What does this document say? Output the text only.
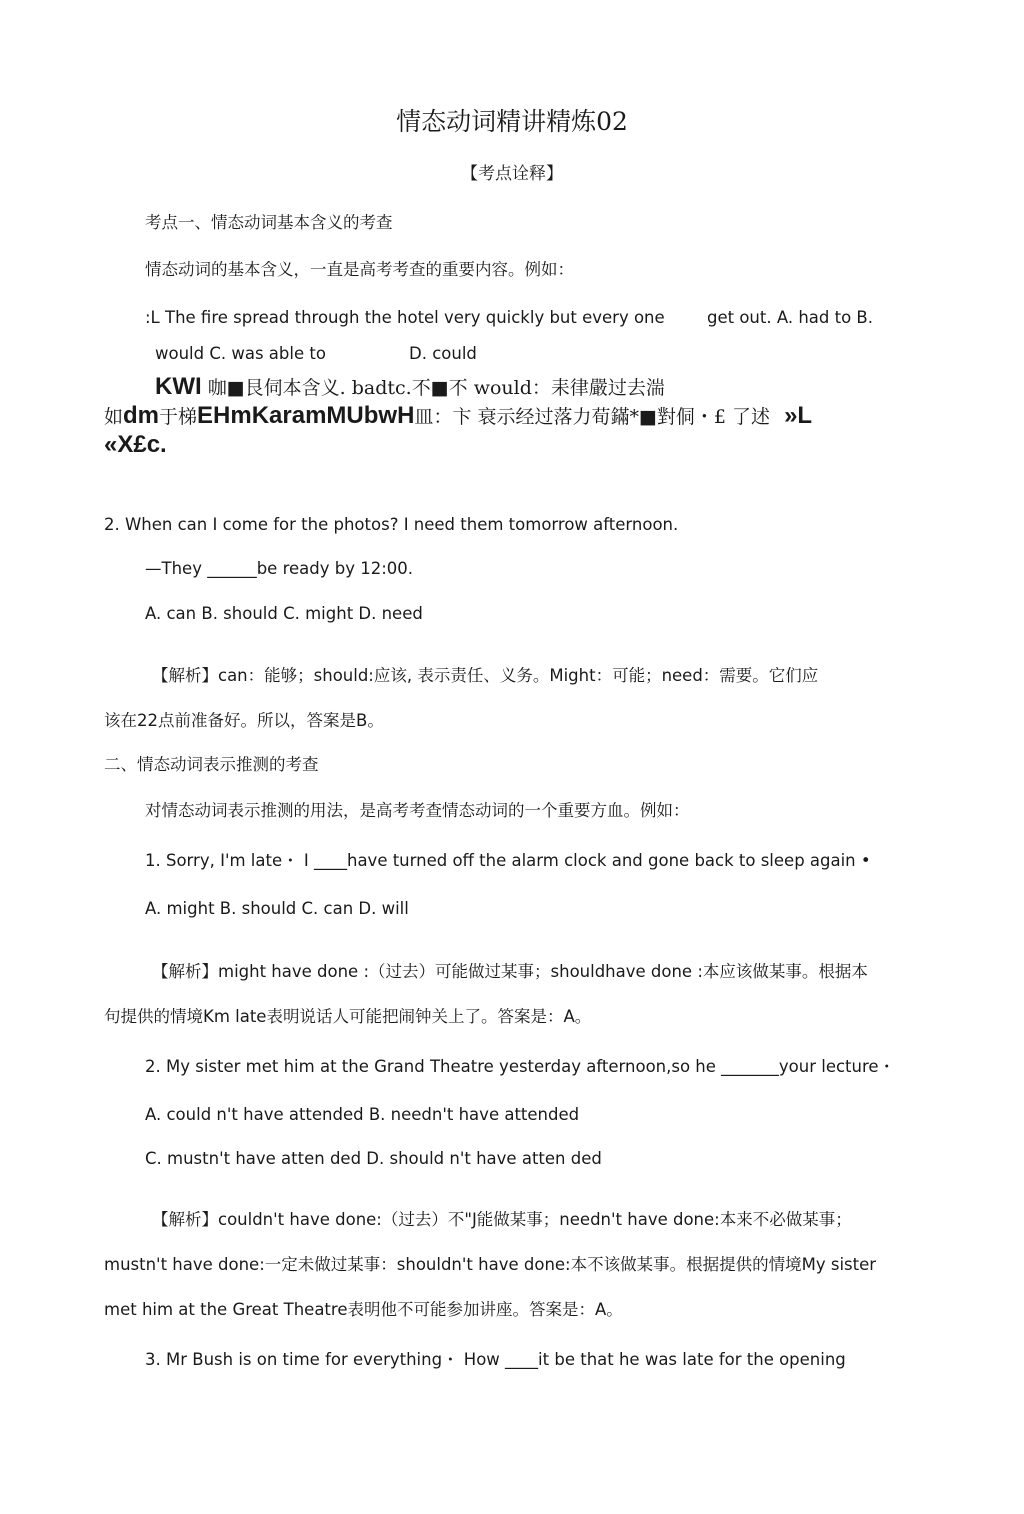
情态动词精讲精炼02
【考点诠释】
考点一、情态动词基本含义的考查
情态动词的基本含义，一直是高考考查的重要内容。例如：
:L The fire spread through the hotel very quickly but every one	get out. A. had to B.
would C. was able to	D. could
KWI 咖■艮伺本含义. badtc.不■不 would：耒律嚴过去湍
如dm于梯EHmKaramMUbwH皿：卞 衰示经过落力荀鏋*■對侗・£ 了述 »L
«X£c.
2. When can I come for the photos? I need them tomorrow afternoon.
—They ______be ready by 12:00.
A. can B. should C. might D. need
【解析】can：能够；should:应该, 表示责任、义务。Might：可能；need：需要。它们应
该在22点前准备好。所以，答案是B。
二、情态动词表示推测的考查
对情态动词表示推测的用法，是高考考查情态动词的一个重要方血。例如：
1. Sorry, I'm late・ I ____have turned off the alarm clock and gone back to sleep again •
A. might B. should C. can D. will
【解析】might have done :（过去）可能做过某事；shouldhave done :本应该做某事。根据本
句提供的情境Km late表明说话人可能把闹钟关上了。答案是：A。
2. My sister met him at the Grand Theatre yesterday afternoon,so he _______your lecture・
A. could n't have attended B. needn't have attended
C. mustn't have atten ded D. should n't have atten ded
【解析】couldn't have done:（过去）不"J能做某事；needn't have done:本来不必做某事；
mustn't have done:一定未做过某事：shouldn't have done:本不该做某事。根据提供的情境My sister
met him at the Great Theatre表明他不可能参加讲座。答案是：A。
3. Mr Bush is on time for everything・ How ____it be that he was late for the opening
